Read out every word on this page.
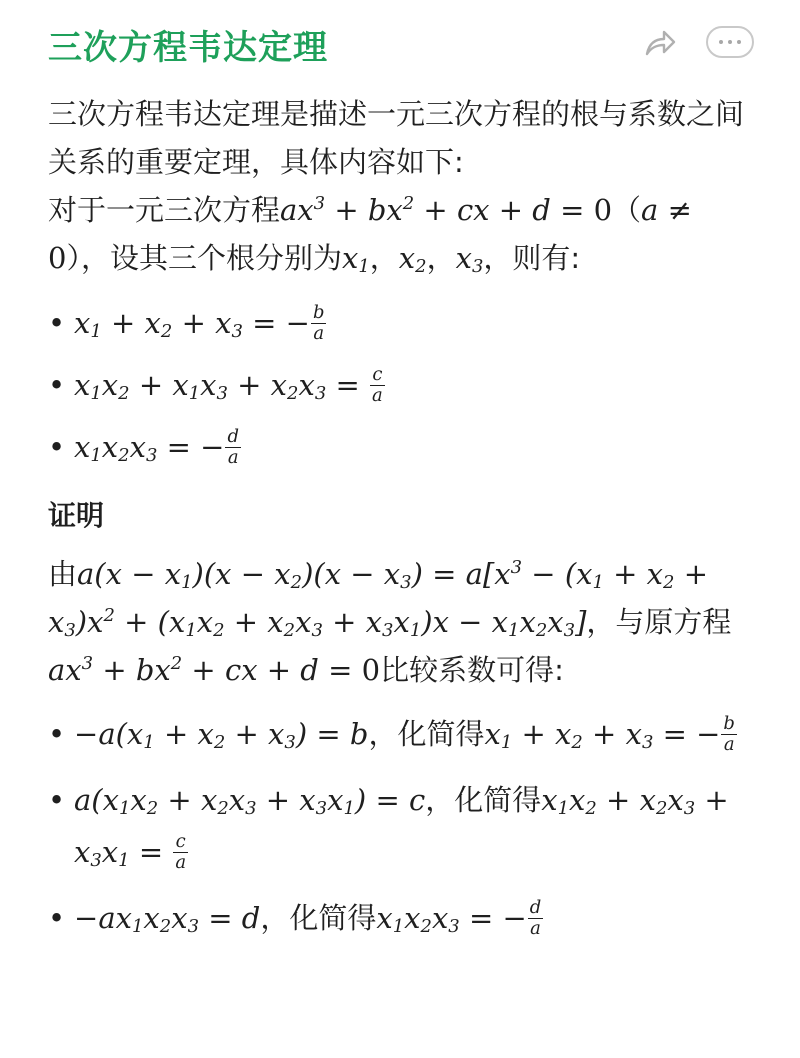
三次方程韦达定理

三次方程韦达定理是描述一元三次方程的根与系数之间关系的重要定理，具体内容如下:
对于一元三次方程$ax^3 + bx^2$ + cx + d = 0（a ≠ 0），设其三个根分别为$x_1$，$x_2$，$x_3$，则有:

• $x_1 + x_2 + x_3$ = − $\frac{b}{a}$
• $x_1x_2 + x_1x_3 + x_2x_3 = \frac{c}{a}$
• $x_1x_2x_3$ = − $\frac{d}{a}$
证明

由$a(x - x_1)(x - x_2)(x - x_3) = a[x^3 - (x_1 + x_2 + x_3)x^2 + (x_1x_2 + x_2x_3 + x_3x_1)x - x_1x_2x_3]$，与原方程$ax^3 + bx^2$ + cx + d = 0比较系数可得:

• $-a(x_1 + x_2 + x_3) = b$，化简得$x_1 + x_2 + x_3$ = − $\frac{b}{a}$
• $a(x_1x_2 + x_2x_3 + x_3x_1) = c$，化简得$x_1x_2 + x_2x_3 + x_3x_1 = \frac{c}{a}$
• $-ax_1x_2x_3 = d$，化简得$x_1x_2x_3$ = − $\frac{d}{a}$
